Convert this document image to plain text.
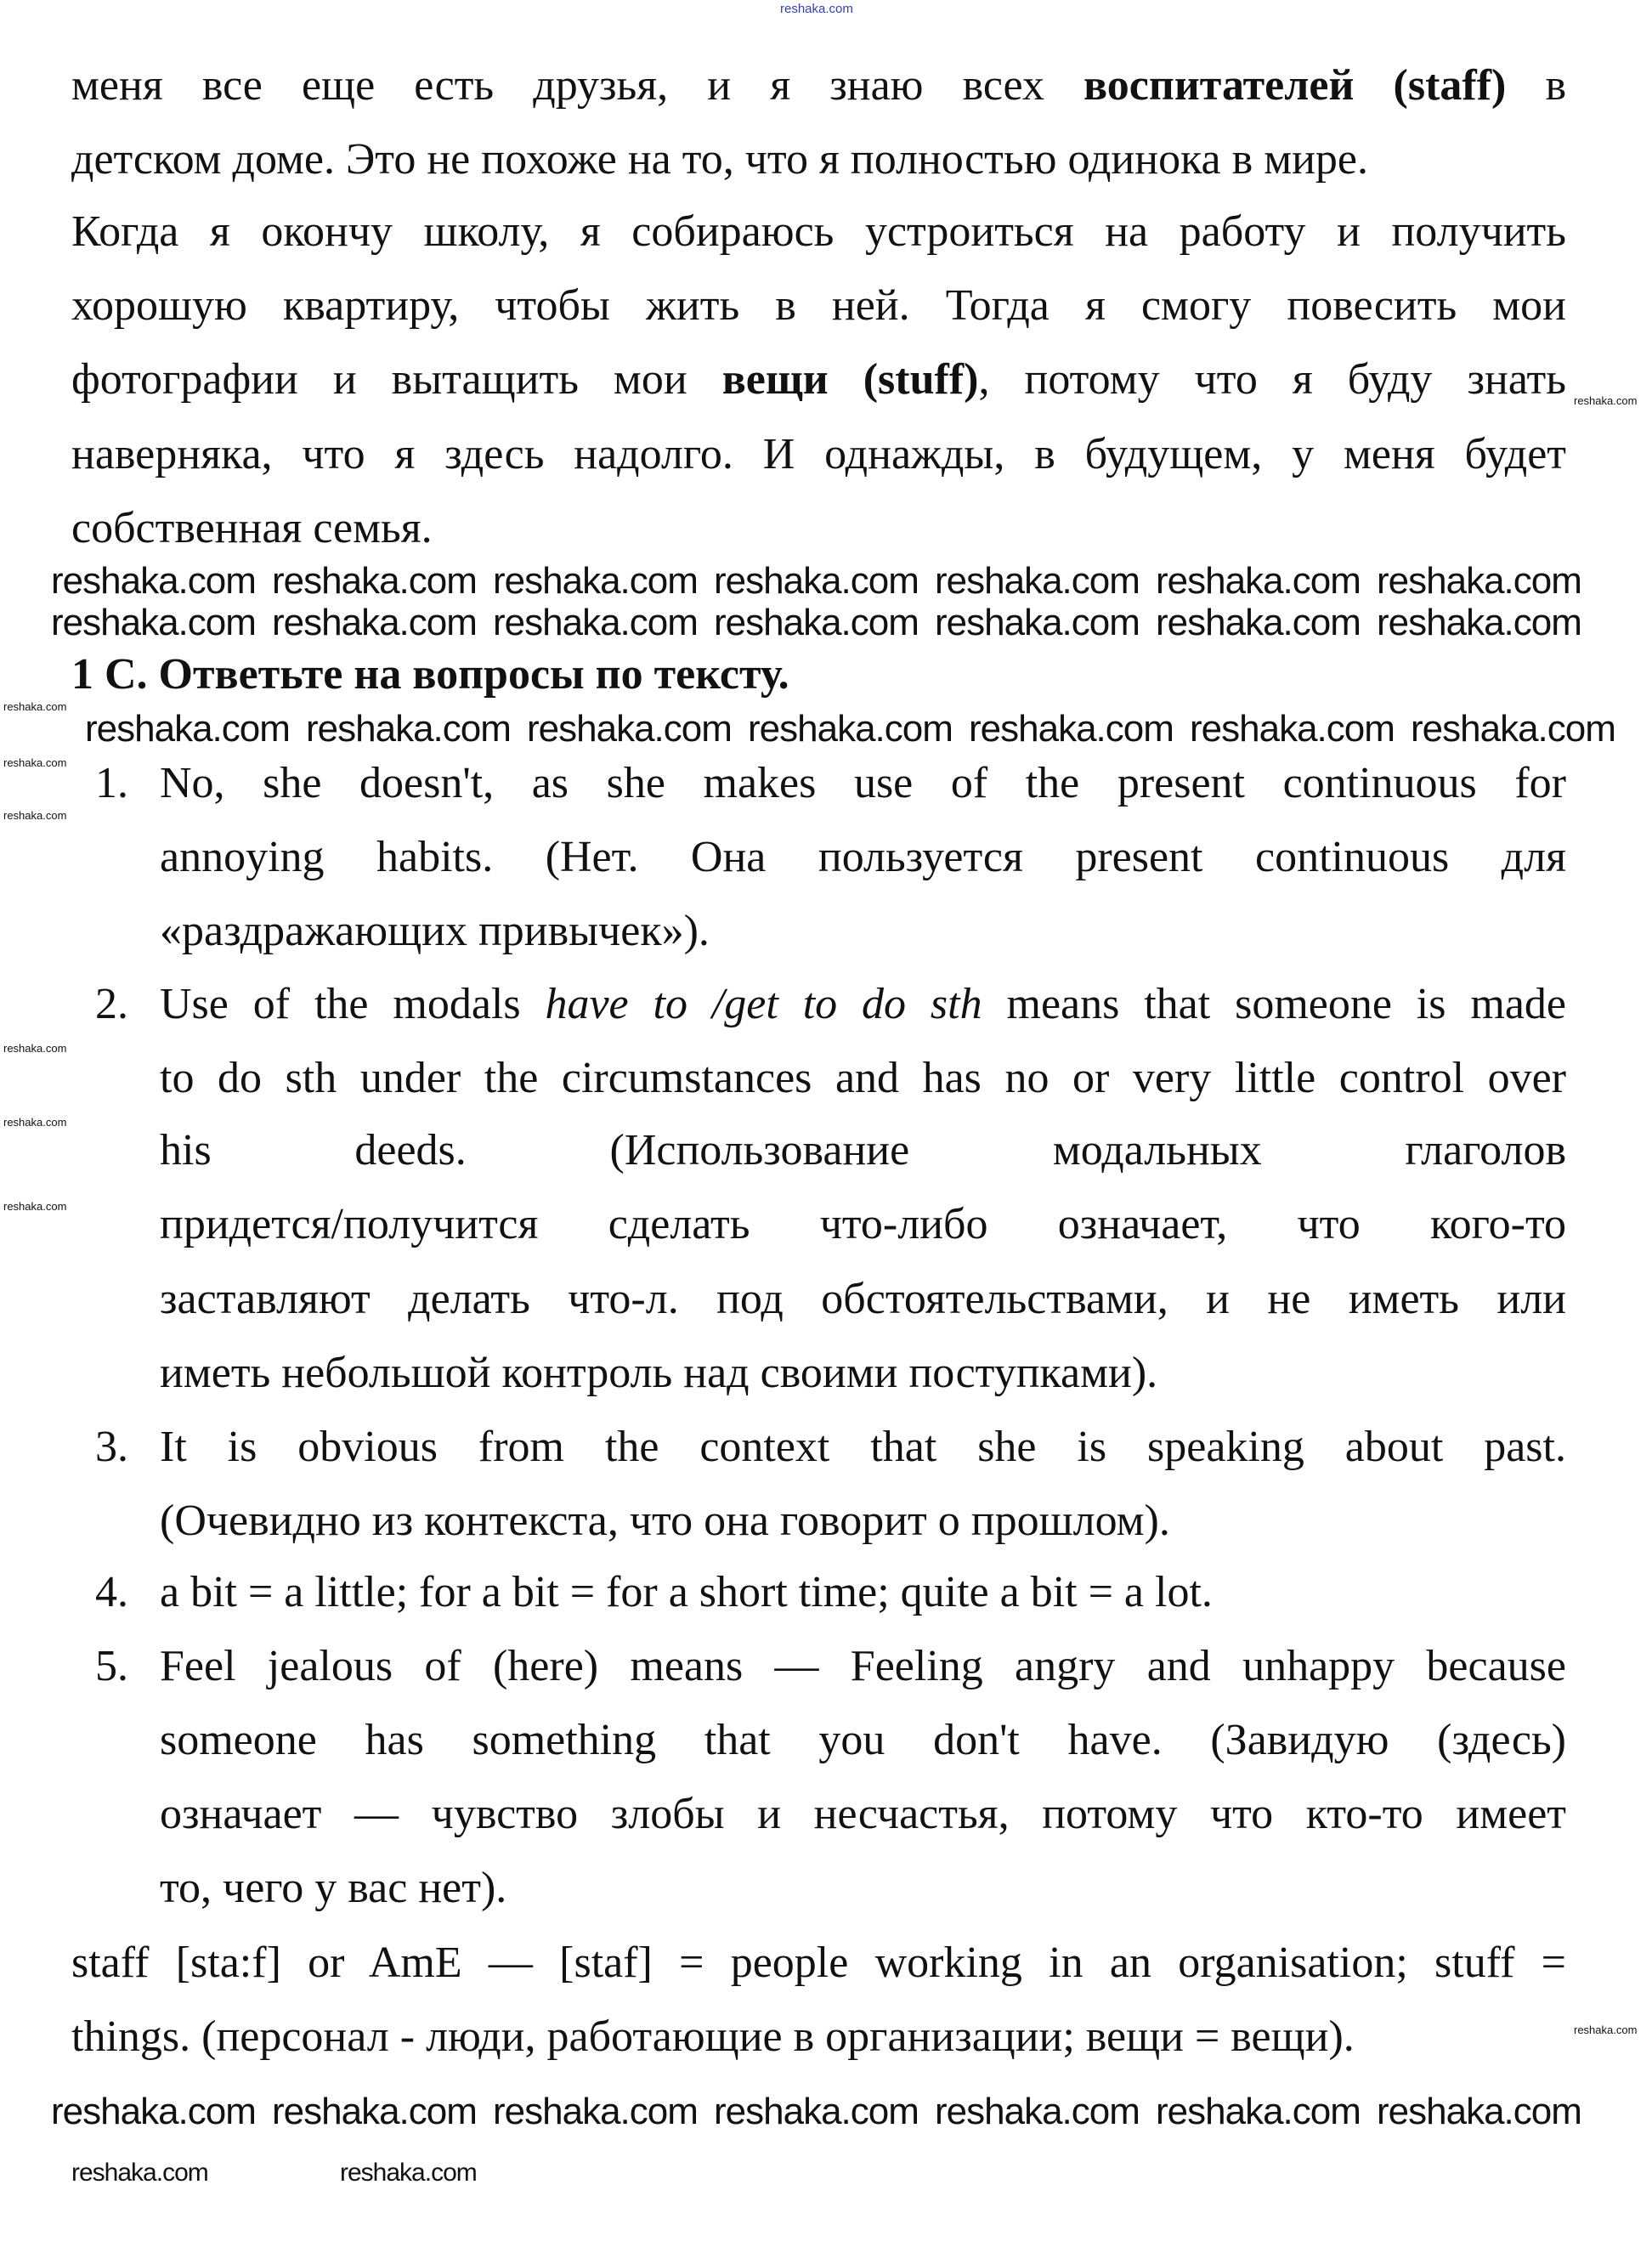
меня все еще есть друзья, и я знаю всех воспитателей (staff) в
детском доме. Это не похоже на то, что я полностью одинока в мире.
Когда я окончу школу, я собираюсь устроиться на работу и получить
хорошую квартиру, чтобы жить в ней. Тогда я смогу повесить мои
фотографии и вытащить мои вещи (stuff), потому что я буду знать
наверняка, что я здесь надолго. И однажды, в будущем, у меня будет
собственная семья.
1 С. Ответьте на вопросы по тексту.
1. No, she doesn't, as she makes use of the present continuous for
annoying habits. (Нет. Она пользуется present continuous для
«раздражающих привычек»).
2. Use of the modals have to /get to do sth means that someone is made
to do sth under the circumstances and has no or very little control over
his deeds. (Использование модальных глаголов
придется/получится сделать что-либо означает, что кого-то
заставляют делать что-л. под обстоятельствами, и не иметь или
иметь небольшой контроль над своими поступками).
3. It is obvious from the context that she is speaking about past.
(Очевидно из контекста, что она говорит о прошлом).
4. a bit = a little; for a bit = for a short time; quite a bit = a lot.
5. Feel jealous of (here) means — Feeling angry and unhappy because
someone has something that you don't have. (Завидую (здесь)
означает — чувство злобы и несчастья, потому что кто-то имеет
то, чего у вас нет).
staff [sta:f] or AmE — [staf] = people working in an organisation; stuff =
things. (персонал - люди, работающие в организации; вещи = вещи).
reshaka.com
reshaka.com reshaka.com reshaka.com reshaka.com reshaka.com reshaka.com reshaka.com
reshaka.com reshaka.com reshaka.com reshaka.com reshaka.com reshaka.com reshaka.com
reshaka.com reshaka.com reshaka.com reshaka.com reshaka.com reshaka.com reshaka.com
reshaka.com reshaka.com reshaka.com reshaka.com reshaka.com reshaka.com reshaka.com
reshaka.com	reshaka.com
reshaka.com
reshaka.com
reshaka.com
reshaka.com
reshaka.com
reshaka.com
reshaka.com
reshaka.com
